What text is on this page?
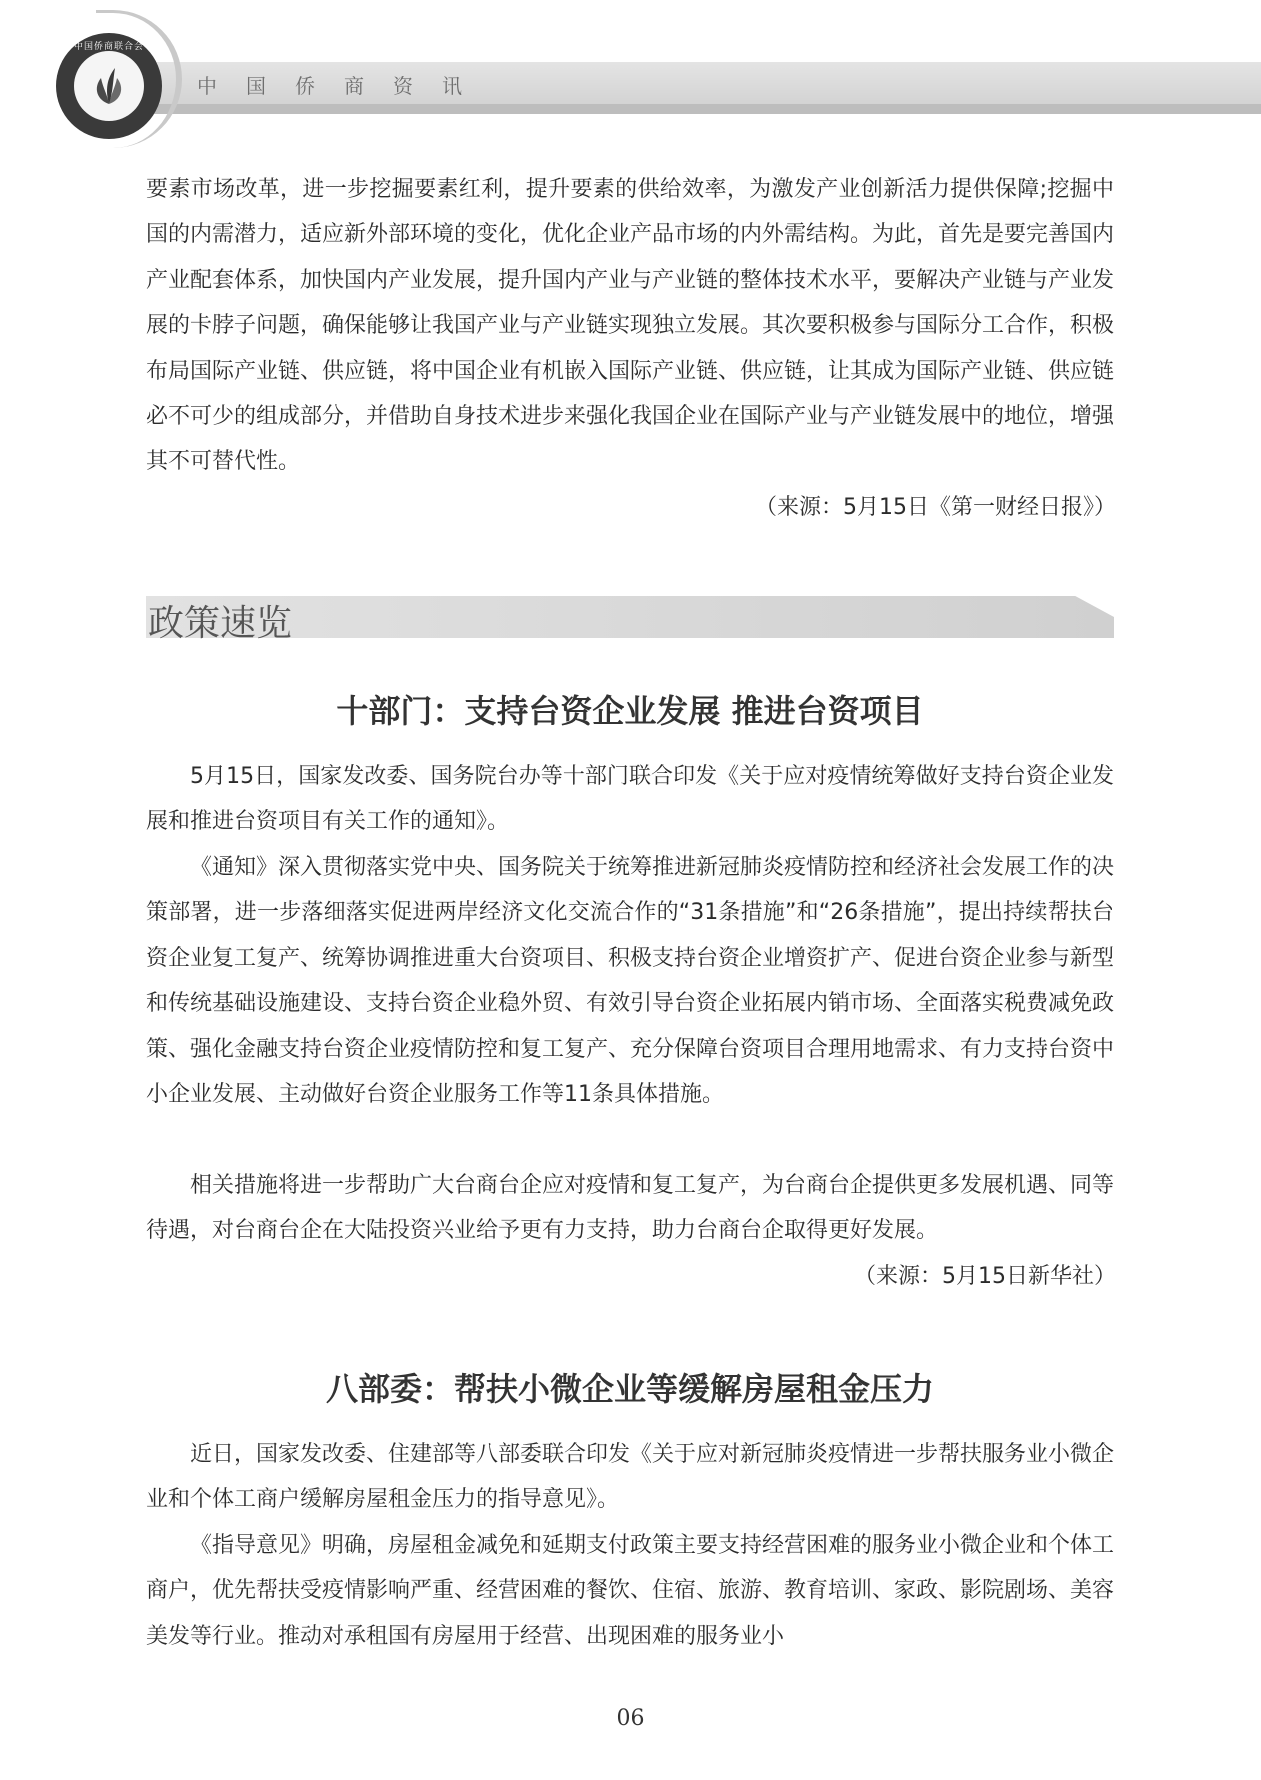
中国侨商联合会
中国侨商资讯

要素市场改革，进一步挖掘要素红利，提升要素的供给效率，为激发产业创新活力提供保障;挖掘中国的内需潜力，适应新外部环境的变化，优化企业产品市场的内外需结构。为此，首先是要完善国内产业配套体系，加快国内产业发展，提升国内产业与产业链的整体技术水平，要解决产业链与产业发展的卡脖子问题，确保能够让我国产业与产业链实现独立发展。其次要积极参与国际分工合作，积极布局国际产业链、供应链，将中国企业有机嵌入国际产业链、供应链，让其成为国际产业链、供应链必不可少的组成部分，并借助自身技术进步来强化我国企业在国际产业与产业链发展中的地位，增强其不可替代性。

（来源：5月15日《第一财经日报》）
政策速览
十部门：支持台资企业发展 推进台资项目

5月15日，国家发改委、国务院台办等十部门联合印发《关于应对疫情统筹做好支持台资企业发展和推进台资项目有关工作的通知》。

《通知》深入贯彻落实党中央、国务院关于统筹推进新冠肺炎疫情防控和经济社会发展工作的决策部署，进一步落细落实促进两岸经济文化交流合作的“31条措施”和“26条措施”，提出持续帮扶台资企业复工复产、统筹协调推进重大台资项目、积极支持台资企业增资扩产、促进台资企业参与新型和传统基础设施建设、支持台资企业稳外贸、有效引导台资企业拓展内销市场、全面落实税费减免政策、强化金融支持台资企业疫情防控和复工复产、充分保障台资项目合理用地需求、有力支持台资中小企业发展、主动做好台资企业服务工作等11条具体措施。

相关措施将进一步帮助广大台商台企应对疫情和复工复产，为台商台企提供更多发展机遇、同等待遇，对台商台企在大陆投资兴业给予更有力支持，助力台商台企取得更好发展。

（来源：5月15日新华社）
八部委：帮扶小微企业等缓解房屋租金压力

近日，国家发改委、住建部等八部委联合印发《关于应对新冠肺炎疫情进一步帮扶服务业小微企业和个体工商户缓解房屋租金压力的指导意见》。

《指导意见》明确，房屋租金减免和延期支付政策主要支持经营困难的服务业小微企业和个体工商户，优先帮扶受疫情影响严重、经营困难的餐饮、住宿、旅游、教育培训、家政、影院剧场、美容美发等行业。推动对承租国有房屋用于经营、出现困难的服务业小

06
